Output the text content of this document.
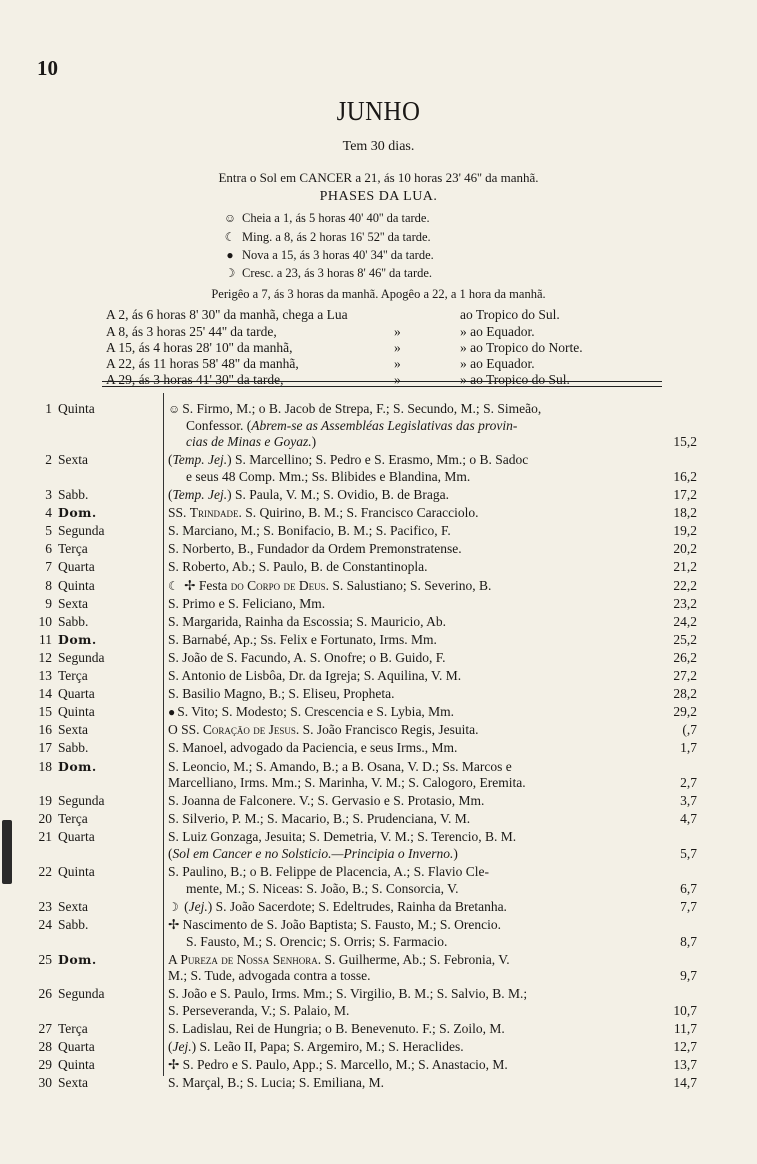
10
JUNHO
Tem 30 dias.
Entra o Sol em CANCER a 21, ás 10 horas 23' 46'' da manhã.
PHASES DA LUA.
☺ Cheia a 1, ás 5 horas 40' 40'' da tarde.
☾ Ming. a 8, ás 2 horas 16' 52'' da tarde.
● Nova a 15, ás 3 horas 40' 34'' da tarde.
☽ Cresc. a 23, ás 3 horas 8' 46'' da tarde.
Perigêo a 7, ás 3 horas da manhã. Apogêo a 22, a 1 hora da manhã.
A 2, ás 6 horas 8' 30'' da manhã, chega a Lua	ao Tropico do Sul.
A 8, ás 3 horas 25' 44'' da tarde,	»	» ao Equador.
A 15, ás 4 horas 28' 10'' da manhã,	»	» ao Tropico do Norte.
A 22, ás 11 horas 58' 48'' da manhã,	»	» ao Equador.
A 29, ás 3 horas 41' 30'' da tarde,	»	» ao Tropico do Sul.
1 Quinta	☺ S. Firmo, M.; o B. Jacob de Strepa, F.; S. Secundo, M.; S. Simeão,
Confessor. (Abrem-se as Assembléas Legislativas das provin-
cias de Minas e Goyaz.)	15,2
2 Sexta	(Temp. Jej.) S. Marcellino; S. Pedro e S. Erasmo, Mm.; o B. Sadoc
e seus 48 Comp. Mm.; Ss. Blibides e Blandina, Mm.	16,2
3 Sabb.	(Temp. Jej.) S. Paula, V. M.; S. Ovidio, B. de Braga.	17,2
4 Dom.	SS. Trindade. S. Quirino, B. M.; S. Francisco Caracciolo.	18,2
5 Segunda	S. Marciano, M.; S. Bonifacio, B. M.; S. Pacifico, F.	19,2
6 Terça	S. Norberto, B., Fundador da Ordem Premonstratense.	20,2
7 Quarta	S. Roberto, Ab.; S. Paulo, B. de Constantinopla.	21,2
8 Quinta	☾ ✢ Festa do Corpo de Deus. S. Salustiano; S. Severino, B.	22,2
9 Sexta	S. Primo e S. Feliciano, Mm.	23,2
10 Sabb.	S. Margarida, Rainha da Escossia; S. Mauricio, Ab.	24,2
11 Dom.	S. Barnabé, Ap.; Ss. Felix e Fortunato, Irms. Mm.	25,2
12 Segunda	S. João de S. Facundo, A. S. Onofre; o B. Guido, F.	26,2
13 Terça	S. Antonio de Lisbôa, Dr. da Igreja; S. Aquilina, V. M.	27,2
14 Quarta	S. Basilio Magno, B.; S. Eliseu, Propheta.	28,2
15 Quinta	● S. Vito; S. Modesto; S. Crescencia e S. Lybia, Mm.	29,2
16 Sexta	O SS. Coração de Jesus. S. João Francisco Regis, Jesuita.	(,7
17 Sabb.	S. Manoel, advogado da Paciencia, e seus Irms., Mm.	1,7
18 Dom.	S. Leoncio, M.; S. Amando, B.; a B. Osana, V. D.; Ss. Marcos e
Marcelliano, Irms. Mm.; S. Marinha, V. M.; S. Calogoro, Eremita.	2,7
19 Segunda	S. Joanna de Falconere. V.; S. Gervasio e S. Protasio, Mm.	3,7
20 Terça	S. Silverio, P. M.; S. Macario, B.; S. Prudenciana, V. M.	4,7
21 Quarta	S. Luiz Gonzaga, Jesuita; S. Demetria, V. M.; S. Terencio, B. M.
(Sol em Cancer e no Solsticio.—Principia o Inverno.)	5,7
22 Quinta	S. Paulino, B.; o B. Felippe de Placencia, A.; S. Flavio Cle-
mente, M.; S. Niceas: S. João, B.; S. Consorcia, V.	6,7
23 Sexta	☽ (Jej.) S. João Sacerdote; S. Edeltrudes, Rainha da Bretanha.	7,7
24 Sabb.	✢ Nascimento de S. João Baptista; S. Fausto, M.; S. Orencio.
S. Fausto, M.; S. Orencic; S. Orris; S. Farmacio.	8,7
25 Dom.	A Pureza de Nossa Senhora. S. Guilherme, Ab.; S. Febronia, V.
M.; S. Tude, advogada contra a tosse.	9,7
26 Segunda	S. João e S. Paulo, Irms. Mm.; S. Virgilio, B. M.; S. Salvio, B. M.;
S. Perseveranda, V.; S. Palaio, M.	10,7
27 Terça	S. Ladislau, Rei de Hungria; o B. Benevenuto. F.; S. Zoilo, M.	11,7
28 Quarta	(Jej.) S. Leão II, Papa; S. Argemiro, M.; S. Heraclides.	12,7
29 Quinta	✢ S. Pedro e S. Paulo, App.; S. Marcello, M.; S. Anastacio, M.	13,7
30 Sexta	S. Marçal, B.; S. Lucia; S. Emiliana, M.	14,7
